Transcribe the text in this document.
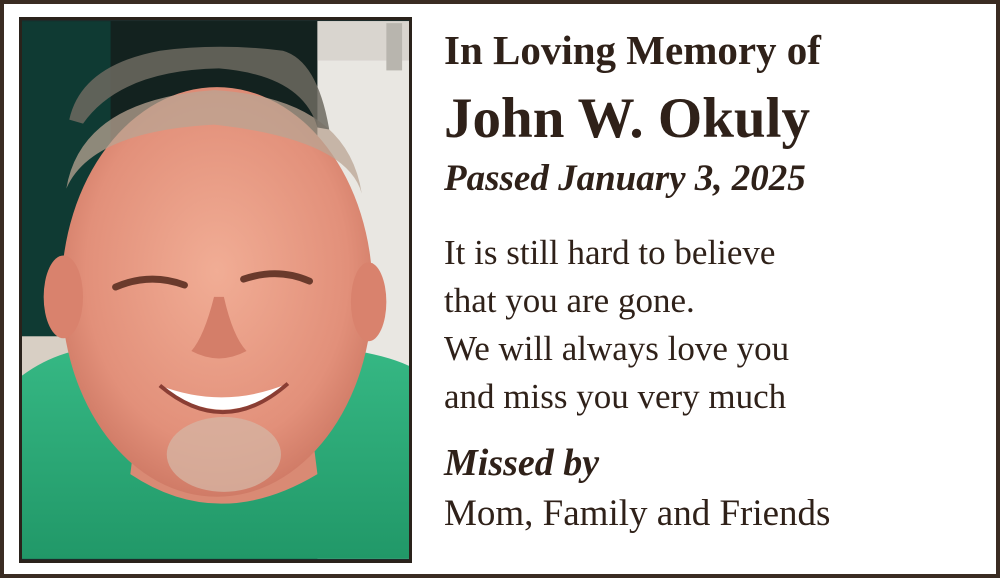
In Loving Memory of
John W. Okuly
Passed January 3, 2025
It is still hard to believe
that you are gone.
We will always love you
and miss you very much
Missed by
Mom, Family and Friends
